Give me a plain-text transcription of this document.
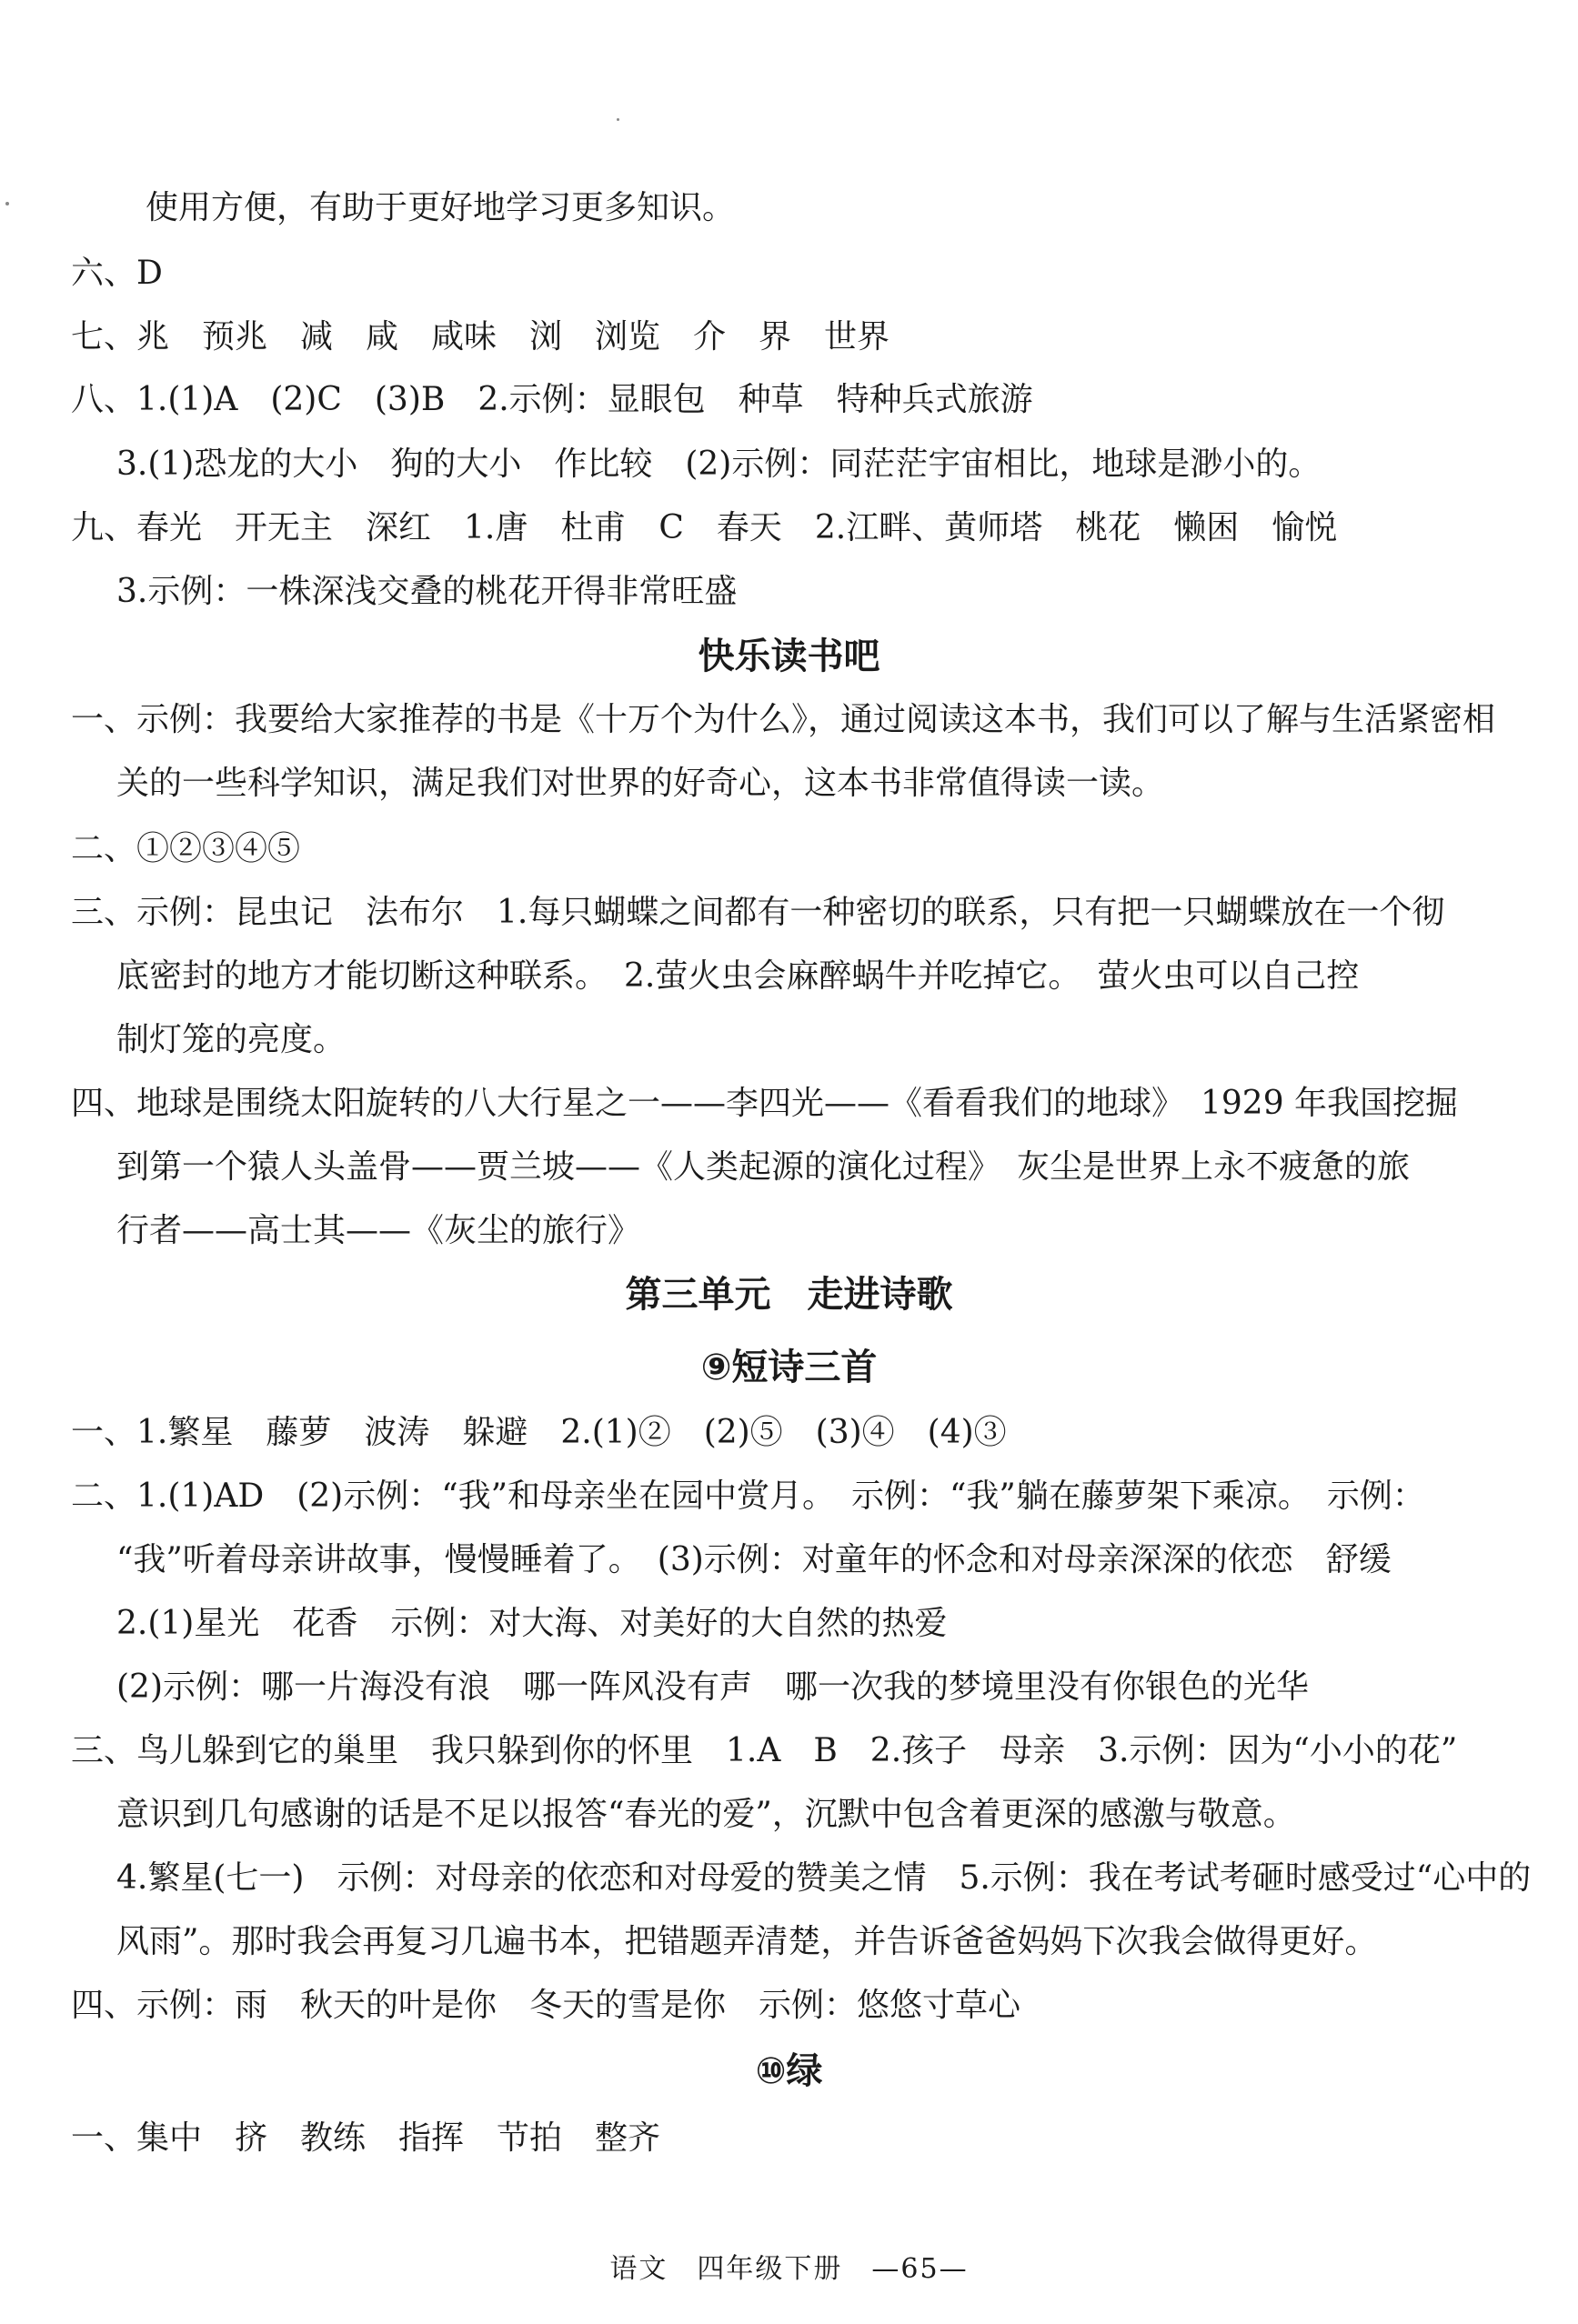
使用方便，有助于更好地学习更多知识。
六、D
七、兆　预兆　减　咸　咸味　浏　浏览　介　界　世界
八、1.(1)A　(2)C　(3)B　2.示例：显眼包　种草　特种兵式旅游
3.(1)恐龙的大小　狗的大小　作比较　(2)示例：同茫茫宇宙相比，地球是渺小的。
九、春光　开无主　深红　1.唐　杜甫　C　春天　2.江畔、黄师塔　桃花　懒困　愉悦
3.示例：一株深浅交叠的桃花开得非常旺盛
快乐读书吧
一、示例：我要给大家推荐的书是《十万个为什么》，通过阅读这本书，我们可以了解与生活紧密相
关的一些科学知识，满足我们对世界的好奇心，这本书非常值得读一读。
二、①②③④⑤
三、示例：昆虫记　法布尔　1.每只蝴蝶之间都有一种密切的联系，只有把一只蝴蝶放在一个彻
底密封的地方才能切断这种联系。　2.萤火虫会麻醉蜗牛并吃掉它。　萤火虫可以自己控
制灯笼的亮度。
四、地球是围绕太阳旋转的八大行星之一——李四光——《看看我们的地球》　1929 年我国挖掘
到第一个猿人头盖骨——贾兰坡——《人类起源的演化过程》　灰尘是世界上永不疲惫的旅
行者——高士其——《灰尘的旅行》
第三单元　走进诗歌
⑨短诗三首
一、1.繁星　藤萝　波涛　躲避　2.(1)②　(2)⑤　(3)④　(4)③
二、1.(1)AD　(2)示例：“我”和母亲坐在园中赏月。　示例：“我”躺在藤萝架下乘凉。　示例：
“我”听着母亲讲故事，慢慢睡着了。　(3)示例：对童年的怀念和对母亲深深的依恋　舒缓
2.(1)星光　花香　示例：对大海、对美好的大自然的热爱
(2)示例：哪一片海没有浪　哪一阵风没有声　哪一次我的梦境里没有你银色的光华
三、鸟儿躲到它的巢里　我只躲到你的怀里　1.A　B　2.孩子　母亲　3.示例：因为“小小的花”
意识到几句感谢的话是不足以报答“春光的爱”，沉默中包含着更深的感激与敬意。
4.繁星(七一)　示例：对母亲的依恋和对母爱的赞美之情　5.示例：我在考试考砸时感受过“心中的
风雨”。那时我会再复习几遍书本，把错题弄清楚，并告诉爸爸妈妈下次我会做得更好。
四、示例：雨　秋天的叶是你　冬天的雪是你　示例：悠悠寸草心
⑩绿
一、集中　挤　教练　指挥　节拍　整齐
语文　四年级下册　—65—
